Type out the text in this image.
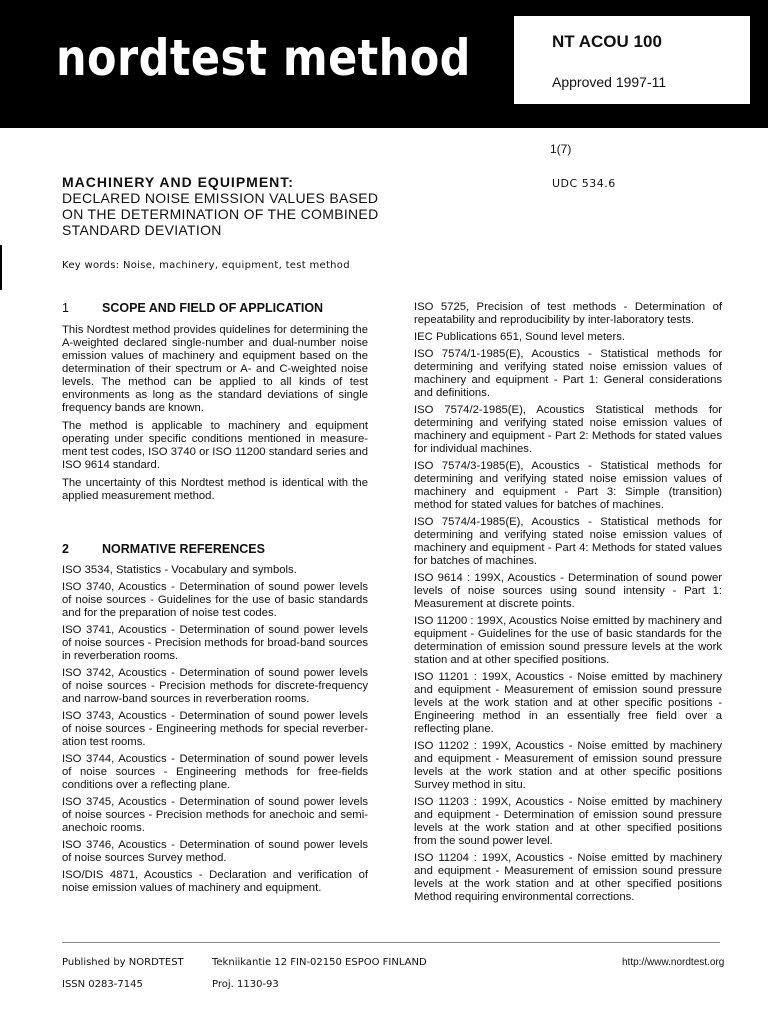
nordtest method	NT ACOU 100
Approved 1997-11
1(7)
UDC 534.6
MACHINERY AND EQUIPMENT:
DECLARED NOISE EMISSION VALUES BASED
ON THE DETERMINATION OF THE COMBINED
STANDARD DEVIATION
Key words: Noise, machinery, equipment, test method
1	SCOPE AND FIELD OF APPLICATION

This Nordtest method provides quidelines for determining the A-weighted declared single-number and dual-number noise emission values of machinery and equipment based on the determination of their spectrum or A- and C-weighted noise levels. The method can be applied to all kinds of test environments as long as the standard deviations of single frequency bands are known.

The method is applicable to machinery and equipment operating under specific conditions mentioned in measure-ment test codes, ISO 3740 or ISO 11200 standard series and ISO 9614 standard.

The uncertainty of this Nordtest method is identical with the applied measurement method.

2	NORMATIVE REFERENCES

ISO 3534, Statistics - Vocabulary and symbols.

ISO 3740, Acoustics - Determination of sound power levels of noise sources - Guidelines for the use of basic standards and for the preparation of noise test codes.

ISO 3741, Acoustics - Determination of sound power levels of noise sources - Precision methods for broad-band sources in reverberation rooms.

ISO 3742, Acoustics - Determination of sound power levels of noise sources - Precision methods for discrete-frequency and narrow-band sources in reverberation rooms.

ISO 3743, Acoustics - Determination of sound power levels of noise sources - Engineering methods for special reverber-ation test rooms.

ISO 3744, Acoustics - Determination of sound power levels of noise sources - Engineering methods for free-fields conditions over a reflecting plane.

ISO 3745, Acoustics - Determination of sound power levels of noise sources - Precision methods for anechoic and semi-anechoic rooms.

ISO 3746, Acoustics - Determination of sound power levels of noise sources Survey method.

ISO/DIS 4871, Acoustics - Declaration and verification of noise emission values of machinery and equipment.

ISO 5725, Precision of test methods - Determination of repeatability and reproducibility by inter-laboratory tests.

IEC Publications 651, Sound level meters.

ISO 7574/1-1985(E), Acoustics - Statistical methods for determining and verifying stated noise emission values of machinery and equipment - Part 1: General considerations and definitions.

ISO 7574/2-1985(E), Acoustics Statistical methods for determining and verifying stated noise emission values of machinery and equipment - Part 2: Methods for stated values for individual machines.

ISO 7574/3-1985(E), Acoustics - Statistical methods for determining and verifying stated noise emission values of machinery and equipment - Part 3: Simple (transition) method for stated values for batches of machines.

ISO 7574/4-1985(E), Acoustics - Statistical methods for determining and verifying stated noise emission values of machinery and equipment - Part 4: Methods for stated values for batches of machines.

ISO 9614 : 199X, Acoustics - Determination of sound power levels of noise sources using sound intensity - Part 1: Measurement at discrete points.

ISO 11200 : 199X, Acoustics Noise emitted by machinery and equipment - Guidelines for the use of basic standards for the determination of emission sound pressure levels at the work station and at other specified positions.

ISO 11201 : 199X, Acoustics - Noise emitted by machinery and equipment - Measurement of emission sound pressure levels at the work station and at other specific positions - Engineering method in an essentially free field over a reflecting plane.

ISO 11202 : 199X, Acoustics - Noise emitted by machinery and equipment - Measurement of emission sound pressure levels at the work station and at other specific positions Survey method in situ.

ISO 11203 : 199X, Acoustics - Noise emitted by machinery and equipment - Determination of emission sound pressure levels at the work station and at other specified positions from the sound power level.

ISO 11204 : 199X, Acoustics - Noise emitted by machinery and equipment - Measurement of emission sound pressure levels at the work station and at other specified positions Method requiring environmental corrections.

Published by NORDTEST	Tekniikantie 12 FIN-02150 ESPOO FINLAND
ISSN 0283-7145	Proj. 1130-93
http://www.nordtest.org
